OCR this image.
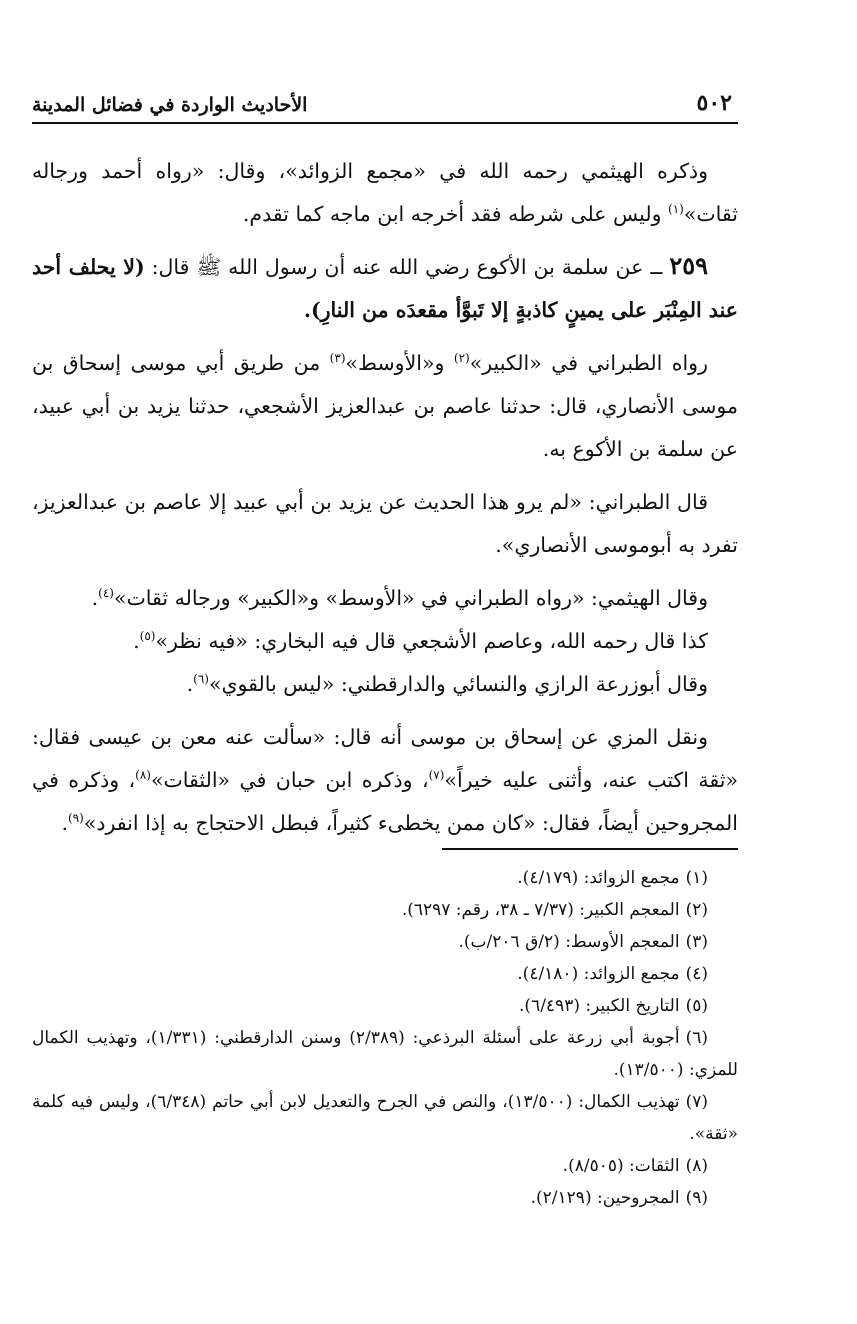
٥٠٢
الأحاديث الواردة في فضائل المدينة

وذكره الهيثمي رحمه الله في «مجمع الزوائد»، وقال: «رواه أحمد ورجاله ثقات»$^{(١)}$ وليس على شرطه فقد أخرجه ابن ماجه كما تقدم.

٢٥٩ ــ عن سلمة بن الأكوع رضي الله عنه أن رسول الله ﷺ قال: (لا يحلف أحد عند المِنْبَر على يمينٍ كاذبةٍ إلا تَبوَّأ مقعدَه من النارِ).

رواه الطبراني في «الكبير»$^{(٢)}$ و«الأوسط»$^{(٣)}$ من طريق أبي موسى إسحاق بن موسى الأنصاري، قال: حدثنا عاصم بن عبدالعزيز الأشجعي، حدثنا يزيد بن أبي عبيد، عن سلمة بن الأكوع به.

قال الطبراني: «لم يرو هذا الحديث عن يزيد بن أبي عبيد إلا عاصم بن عبدالعزيز، تفرد به أبوموسى الأنصاري».

وقال الهيثمي: «رواه الطبراني في «الأوسط» و«الكبير» ورجاله ثقات»$^{(٤)}$.

كذا قال رحمه الله، وعاصم الأشجعي قال فيه البخاري: «فيه نظر»$^{(٥)}$.

وقال أبوزرعة الرازي والنسائي والدارقطني: «ليس بالقوي»$^{(٦)}$.

ونقل المزي عن إسحاق بن موسى أنه قال: «سألت عنه معن بن عيسى فقال: «ثقة اكتب عنه، وأثنى عليه خيراً»$^{(٧)}$، وذكره ابن حبان في «الثقات»$^{(٨)}$، وذكره في المجروحين أيضاً، فقال: «كان ممن يخطىء كثيراً، فبطل الاحتجاج به إذا انفرد»$^{(٩)}$.

(١)مجمع الزوائد: (٤/١٧٩).

(٢)المعجم الكبير: (٧/٣٧ ـ ٣٨، رقم: ٦٢٩٧).

(٣)المعجم الأوسط: (٢/ق ٢٠٦/ب).

(٤)مجمع الزوائد: (٤/١٨٠).

(٥)التاريخ الكبير: (٦/٤٩٣).

(٦)أجوبة أبي زرعة على أسئلة البرذعي: (٢/٣٨٩) وسنن الدارقطني: (١/٣٣١)، وتهذيب الكمال للمزي: (١٣/٥٠٠).

(٧)تهذيب الكمال: (١٣/٥٠٠)، والنص في الجرح والتعديل لابن أبي حاتم (٦/٣٤٨)، وليس فيه كلمة «ثقة».

(٨)الثقات: (٨/٥٠٥).

(٩)المجروحين: (٢/١٢٩).
